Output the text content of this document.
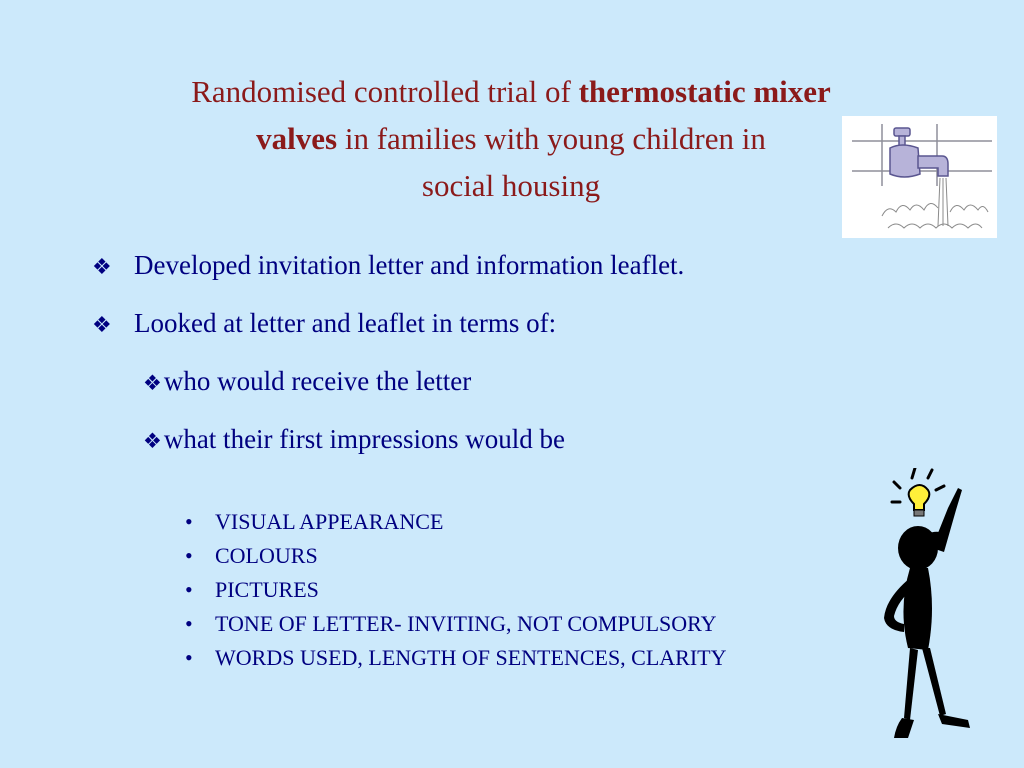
Randomised controlled trial of thermostatic mixer
valves in families with young children in
social housing
❖ Developed invitation letter and information leaflet.
❖ Looked at letter and leaflet in terms of:
❖ who would receive the letter
❖ what their first impressions would be
•	VISUAL APPEARANCE
•	COLOURS
•	PICTURES
•	TONE OF LETTER- INVITING, NOT COMPULSORY
•	WORDS USED, LENGTH OF SENTENCES, CLARITY
